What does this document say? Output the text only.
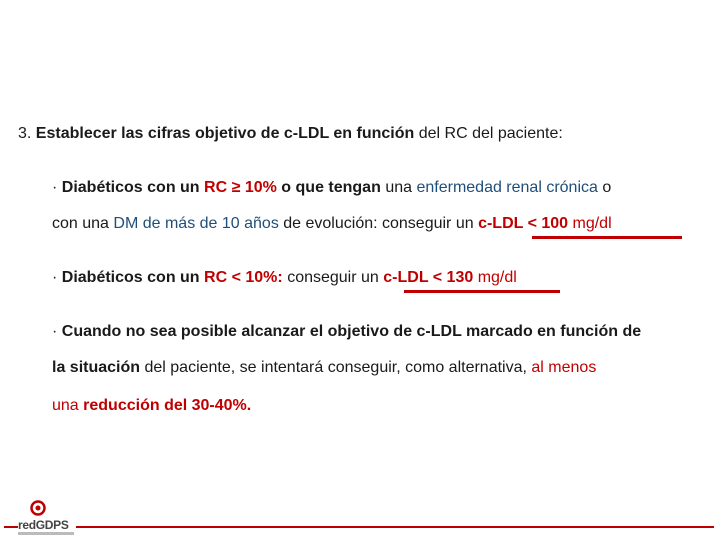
3. Establecer las cifras objetivo de c-LDL en función del RC del paciente:
· Diabéticos con un RC ≥ 10% o que tengan una enfermedad renal crónica o
con una DM de más de 10 años de evolución: conseguir un c-LDL < 100 mg/dl
· Diabéticos con un RC < 10%: conseguir un c-LDL < 130 mg/dl
· Cuando no sea posible alcanzar el objetivo de c-LDL marcado en función de
la situación del paciente, se intentará conseguir, como alternativa, al menos
una reducción del 30-40%.
redGDPS
